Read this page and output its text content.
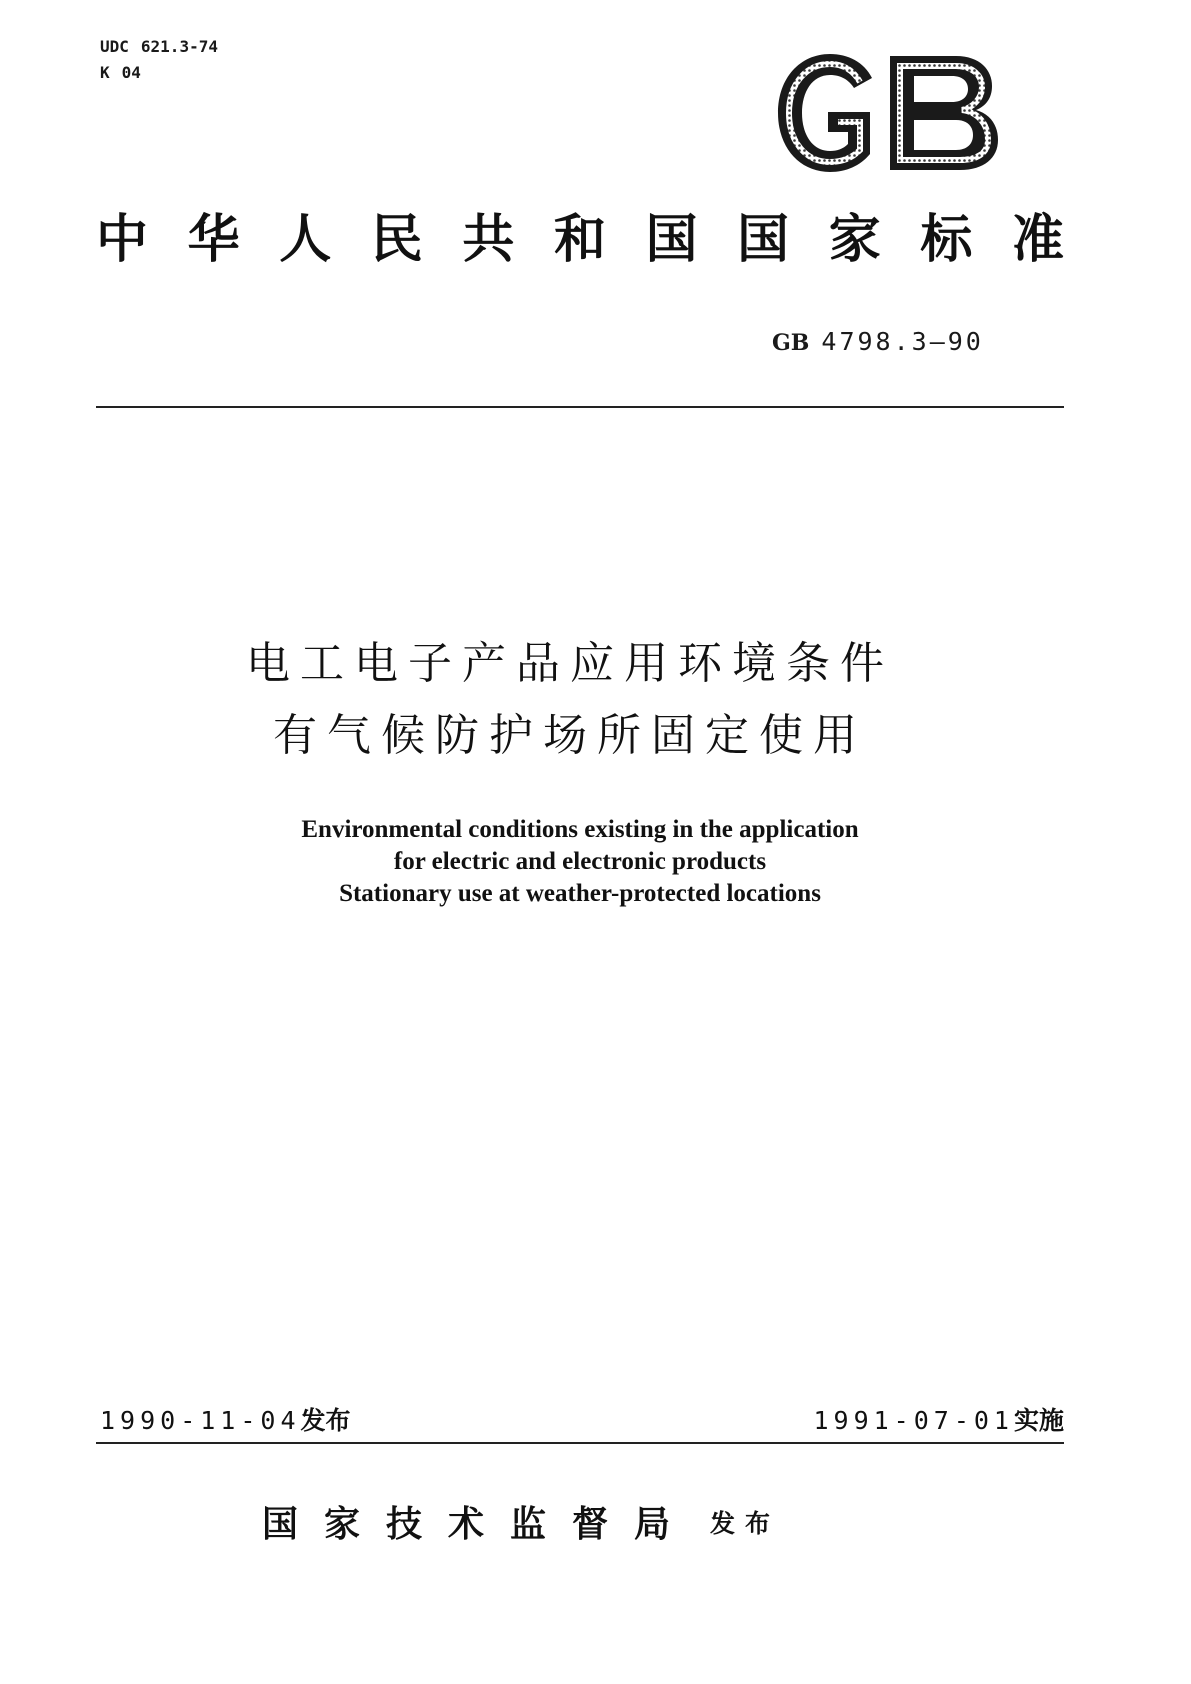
UDC 621.3-74
K 04
中 华 人 民 共 和 国 国 家 标 准
GB 4798.3—90
电工电子产品应用环境条件
有气候防护场所固定使用
Environmental conditions existing in the application
for electric and electronic products
Stationary use at weather-protected locations
1990-11-04发布	1991-07-01实施
国家技术监督局 发布
